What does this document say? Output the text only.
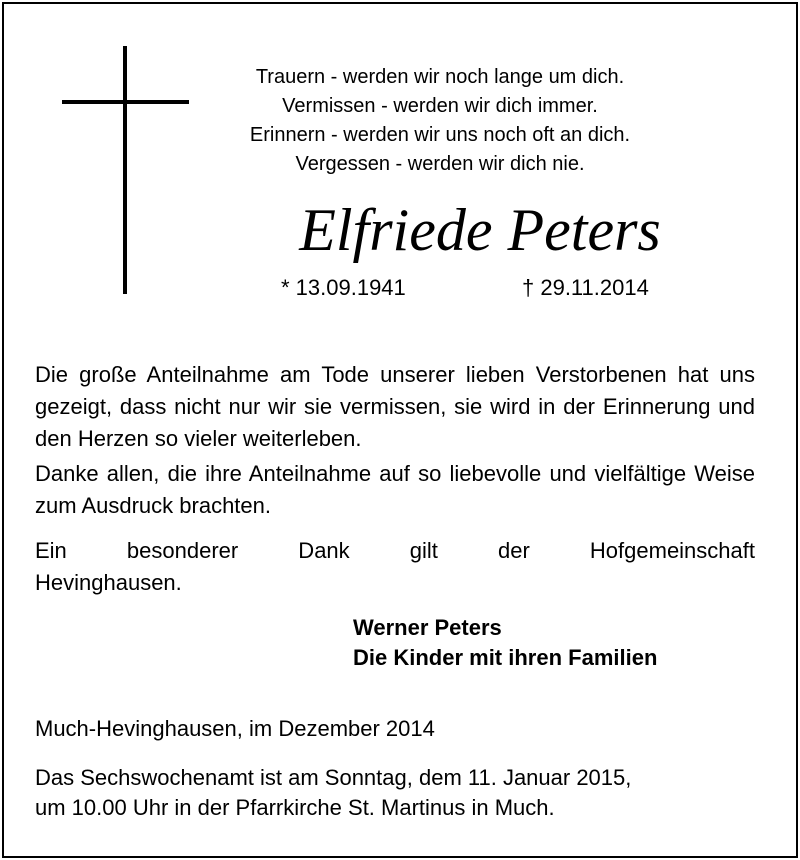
Trauern - werden wir noch lange um dich.
Vermissen - werden wir dich immer.
Erinnern - werden wir uns noch oft an dich.
Vergessen - werden wir dich nie.
Elfriede Peters
* 13.09.1941	† 29.11.2014
Die große Anteilnahme am Tode unserer lieben Verstorbenen hat uns gezeigt, dass nicht nur wir sie vermissen, sie wird in der Erinnerung und den Herzen so vieler weiterleben.
Danke allen, die ihre Anteilnahme auf so liebevolle und vielfältige Weise zum Ausdruck brachten.
Ein besonderer Dank gilt der Hofgemeinschaft
Hevinghausen.
Werner Peters
Die Kinder mit ihren Familien
Much-Hevinghausen, im Dezember 2014
Das Sechswochenamt ist am Sonntag, dem 11. Januar 2015,
um 10.00 Uhr in der Pfarrkirche St. Martinus in Much.
